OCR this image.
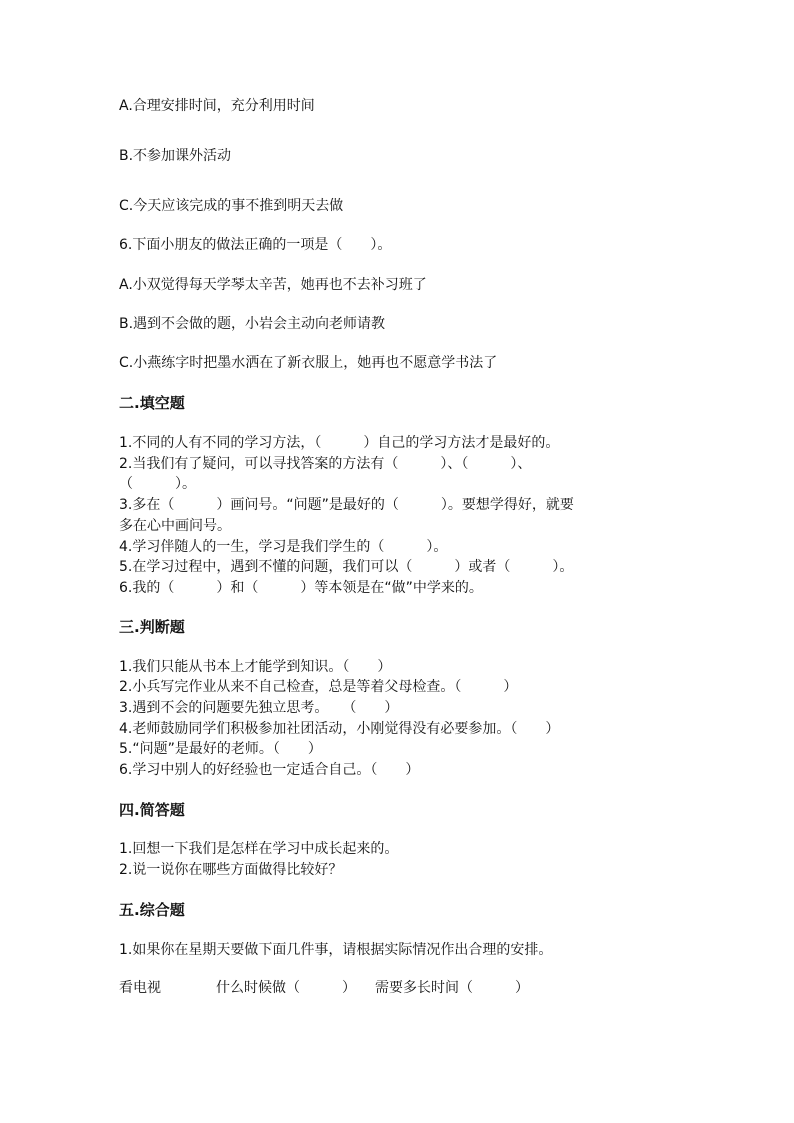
A.合理安排时间，充分利用时间
B.不参加课外活动
C.今天应该完成的事不推到明天去做
6.下面小朋友的做法正确的一项是（　　）。
A.小双觉得每天学琴太辛苦，她再也不去补习班了
B.遇到不会做的题，小岩会主动向老师请教
C.小燕练字时把墨水洒在了新衣服上，她再也不愿意学书法了
二.填空题
1.不同的人有不同的学习方法，（　　　）自己的学习方法才是最好的。
2.当我们有了疑问，可以寻找答案的方法有（　　　）、（　　　）、
（　　　）。
3.多在（　　　）画问号。“问题”是最好的（　　　）。要想学得好，就要
多在心中画问号。
4.学习伴随人的一生，学习是我们学生的（　　　）。
5.在学习过程中，遇到不懂的问题，我们可以（　　　）或者（　　　）。
6.我的（　　　）和（　　　）等本领是在“做”中学来的。
三.判断题
1.我们只能从书本上才能学到知识。（　　）
2.小兵写完作业从来不自己检查，总是等着父母检查。（　　　）
3.遇到不会的问题要先独立思考。　　（　　）
4.老师鼓励同学们积极参加社团活动，小刚觉得没有必要参加。（　　）
5.“问题”是最好的老师。（　　）
6.学习中别人的好经验也一定适合自己。（　　）
四.简答题
1.回想一下我们是怎样在学习中成长起来的。
2.说一说你在哪些方面做得比较好？
五.综合题
1.如果你在星期天要做下面几件事，请根据实际情况作出合理的安排。
看电视	什么时候做（　　　） 需要多长时间（　　　）
